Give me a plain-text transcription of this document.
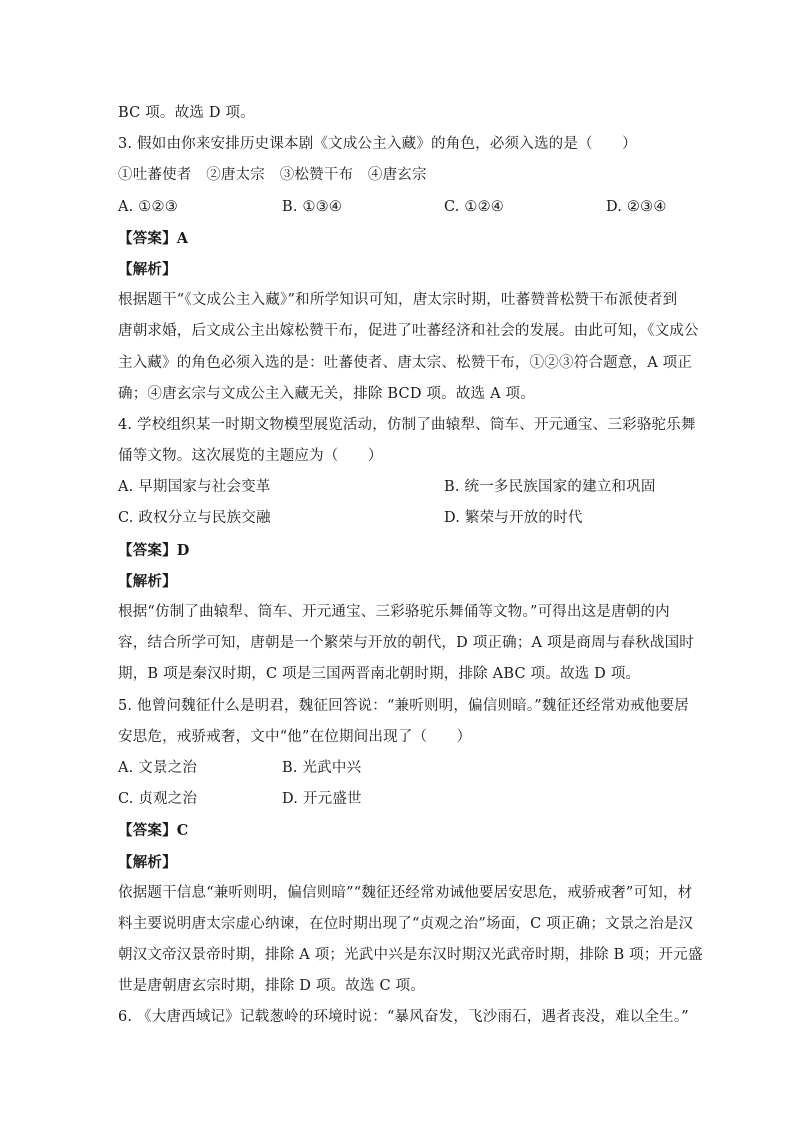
BC 项。故选 D 项。
3. 假如由你来安排历史课本剧《文成公主入藏》的角色，必须入选的是（　　）
①吐蕃使者　②唐太宗　③松赞干布　④唐玄宗
A. ①②③	B. ①③④	C. ①②④	D. ②③④
【答案】A
【解析】
根据题干“《文成公主入藏》”和所学知识可知，唐太宗时期，吐蕃赞普松赞干布派使者到
唐朝求婚，后文成公主出嫁松赞干布，促进了吐蕃经济和社会的发展。由此可知，《文成公
主入藏》的角色必须入选的是：吐蕃使者、唐太宗、松赞干布，①②③符合题意，A 项正
确；④唐玄宗与文成公主入藏无关，排除 BCD 项。故选 A 项。
4. 学校组织某一时期文物模型展览活动，仿制了曲辕犁、筒车、开元通宝、三彩骆驼乐舞
俑等文物。这次展览的主题应为（　　）
A. 早期国家与社会变革	B. 统一多民族国家的建立和巩固
C. 政权分立与民族交融	D. 繁荣与开放的时代
【答案】D
【解析】
根据“仿制了曲辕犁、筒车、开元通宝、三彩骆驼乐舞俑等文物。”可得出这是唐朝的内
容，结合所学可知，唐朝是一个繁荣与开放的朝代，D 项正确；A 项是商周与春秋战国时
期，B 项是秦汉时期，C 项是三国两晋南北朝时期，排除 ABC 项。故选 D 项。
5. 他曾问魏征什么是明君，魏征回答说：“兼听则明，偏信则暗。”魏征还经常劝戒他要居
安思危，戒骄戒奢，文中“他”在位期间出现了（　　）
A. 文景之治	B. 光武中兴
C. 贞观之治	D. 开元盛世
【答案】C
【解析】
依据题干信息“兼听则明，偏信则暗”“魏征还经常劝诫他要居安思危，戒骄戒奢”可知，材
料主要说明唐太宗虚心纳谏，在位时期出现了“贞观之治”场面，C 项正确；文景之治是汉
朝汉文帝汉景帝时期，排除 A 项；光武中兴是东汉时期汉光武帝时期，排除 B 项；开元盛
世是唐朝唐玄宗时期，排除 D 项。故选 C 项。
6. 《大唐西域记》记载葱岭的环境时说：“暴风奋发，飞沙雨石，遇者丧没，难以全生。”
